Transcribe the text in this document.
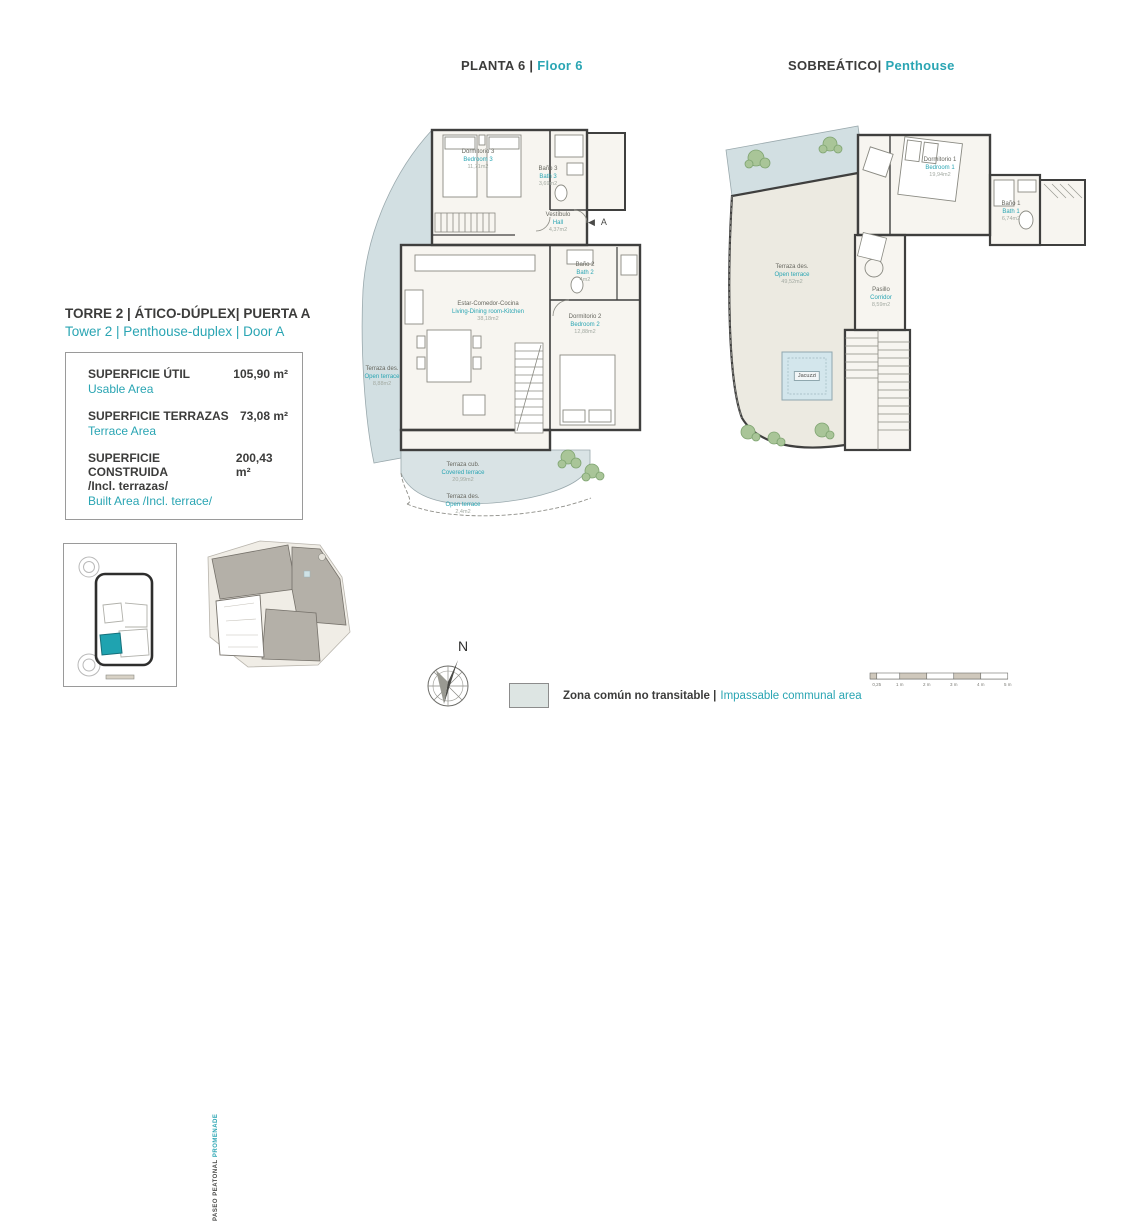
PLANTA 6 | Floor 6	SOBREÁTICO| Penthouse
TORRE 2 | ÁTICO-DÚPLEX| PUERTA A
Tower 2 | Penthouse-duplex | Door A
SUPERFICIE ÚTIL	105,90 m²
Usable Area
SUPERFICIE TERRAZAS 73,08 m²
Terrace Area
SUPERFICIE CONSTRUIDA
200,43 m²
/Incl. terrazas/
Built Area /Incl. terrace/
Dormitorio 3
Bedroom 3
11,71m2	Baño 3
Bath 3
3,69m2
Vestíbulo
Hall
4,37m2
Baño 2
Bath 2
4m2
Estar-Comedor-Cocina
Living-Dining room-Kitchen
38,18m2	Dormitorio 2
Bedroom 2
12,88m2
Terraza des.
Open terrace
8,88m2
Terraza cub.
Covered terrace
20,99m2
Terraza des.
Open terrace
2,4m2
◀ A
Dormitorio 1
Bedroom 1
19,94m2
Baño 1
Bath 1
6,74m2
Pasillo
Corridor
8,59m2
Terraza des.
Open terrace
49,52m2
Jacuzzi
PASEO PEATONAL PROMENADE
N
Zona común no transitable | Impassable communal area
0,25	1 m	2 m	3 m	4 m	5 m
